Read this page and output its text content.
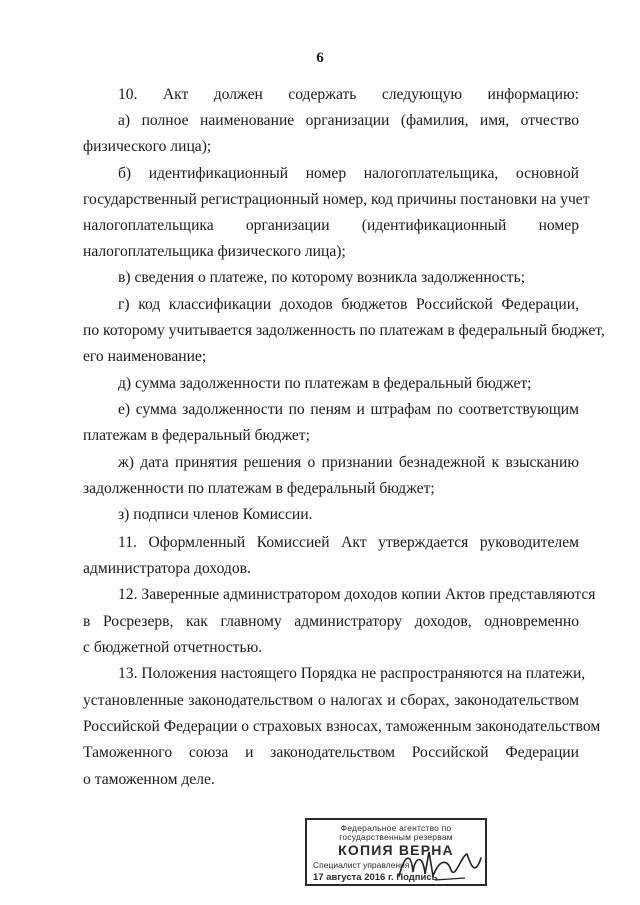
6
10. Акт должен содержать следующую информацию:
а) полное наименование организации (фамилия, имя, отчество
физического лица);
б) идентификационный номер налогоплательщика, основной
государственный регистрационный номер, код причины постановки на учет
налогоплательщика организации (идентификационный номер
налогоплательщика физического лица);
в) сведения о платеже, по которому возникла задолженность;
г) код классификации доходов бюджетов Российской Федерации,
по которому учитывается задолженность по платежам в федеральный бюджет,
его наименование;
д) сумма задолженности по платежам в федеральный бюджет;
е) сумма задолженности по пеням и штрафам по соответствующим
платежам в федеральный бюджет;
ж) дата принятия решения о признании безнадежной к взысканию
задолженности по платежам в федеральный бюджет;
з) подписи членов Комиссии.
11. Оформленный Комиссией Акт утверждается руководителем
администратора доходов.
12. Заверенные администратором доходов копии Актов представляются
в Росрезерв, как главному администратору доходов, одновременно
с бюджетной отчетностью.
13. Положения настоящего Порядка не распространяются на платежи,
установленные законодательством о налогах и сборах, законодательством
Российской Федерации о страховых взносах, таможенным законодательством
Таможенного союза и законодательством Российской Федерации
о таможенном деле.
Федеральное агентство по
государственным резервам
КОПИЯ ВЕРНА
Специалист управления
17 августа 2016 г. Подпись
